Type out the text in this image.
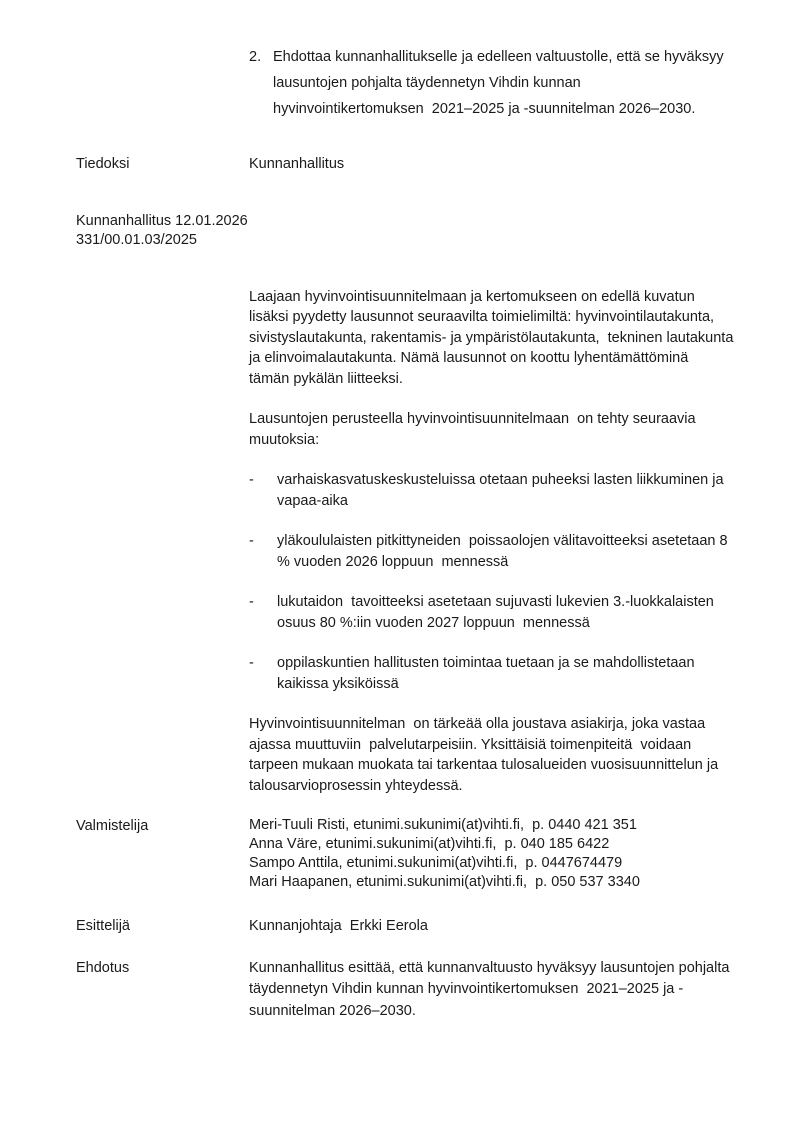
2. Ehdottaa kunnanhallitukselle ja edelleen valtuustolle, että se hyväksyy lausuntojen pohjalta täydennetyn Vihdin kunnan hyvinvointikertomuksen  2021–2025 ja -suunnitelman 2026–2030.
Tiedoksi	Kunnanhallitus
Kunnanhallitus 12.01.2026
331/00.01.03/2025

Laajaan hyvinvointisuunnitelmaan ja kertomukseen on edellä kuvatun lisäksi pyydetty lausunnot seuraavilta toimielimiltä: hyvinvointilautakunta, sivistyslautakunta, rakentamis- ja ympäristölautakunta,  tekninen lautakunta ja elinvoimalautakunta. Nämä lausunnot on koottu lyhentämättöminä  tämän pykälän liitteeksi.

Lausuntojen perusteella hyvinvointisuunnitelmaan  on tehty seuraavia muutoksia:

-	varhaiskasvatuskeskusteluissa otetaan puheeksi lasten liikkuminen ja vapaa-aika
-	yläkoululaisten pitkittyneiden  poissaolojen välitavoitteeksi asetetaan 8 % vuoden 2026 loppuun  mennessä
-	lukutaidon  tavoitteeksi asetetaan sujuvasti lukevien 3.-luokkalaisten osuus 80 %:iin vuoden 2027 loppuun  mennessä
-	oppilaskuntien hallitusten toimintaa tuetaan ja se mahdollistetaan kaikissa yksiköissä

Hyvinvointisuunnitelman  on tärkeää olla joustava asiakirja, joka vastaa ajassa muuttuviin  palvelutarpeisiin. Yksittäisiä toimenpiteitä  voidaan tarpeen mukaan muokata tai tarkentaa tulosalueiden vuosisuunnittelun ja talousarvioprosessin yhteydessä.

Valmistelija	Meri-Tuuli Risti, etunimi.sukunimi(at)vihti.fi,  p. 0440 421 351
Anna Väre, etunimi.sukunimi(at)vihti.fi,  p. 040 185 6422
Sampo Anttila, etunimi.sukunimi(at)vihti.fi,  p. 0447674479
Mari Haapanen, etunimi.sukunimi(at)vihti.fi,  p. 050 537 3340
Esittelijä	Kunnanjohtaja  Erkki Eerola
Ehdotus	Kunnanhallitus esittää, että kunnanvaltuusto hyväksyy lausuntojen pohjalta täydennetyn Vihdin kunnan hyvinvointikertomuksen  2021–2025 ja -suunnitelman 2026–2030.
